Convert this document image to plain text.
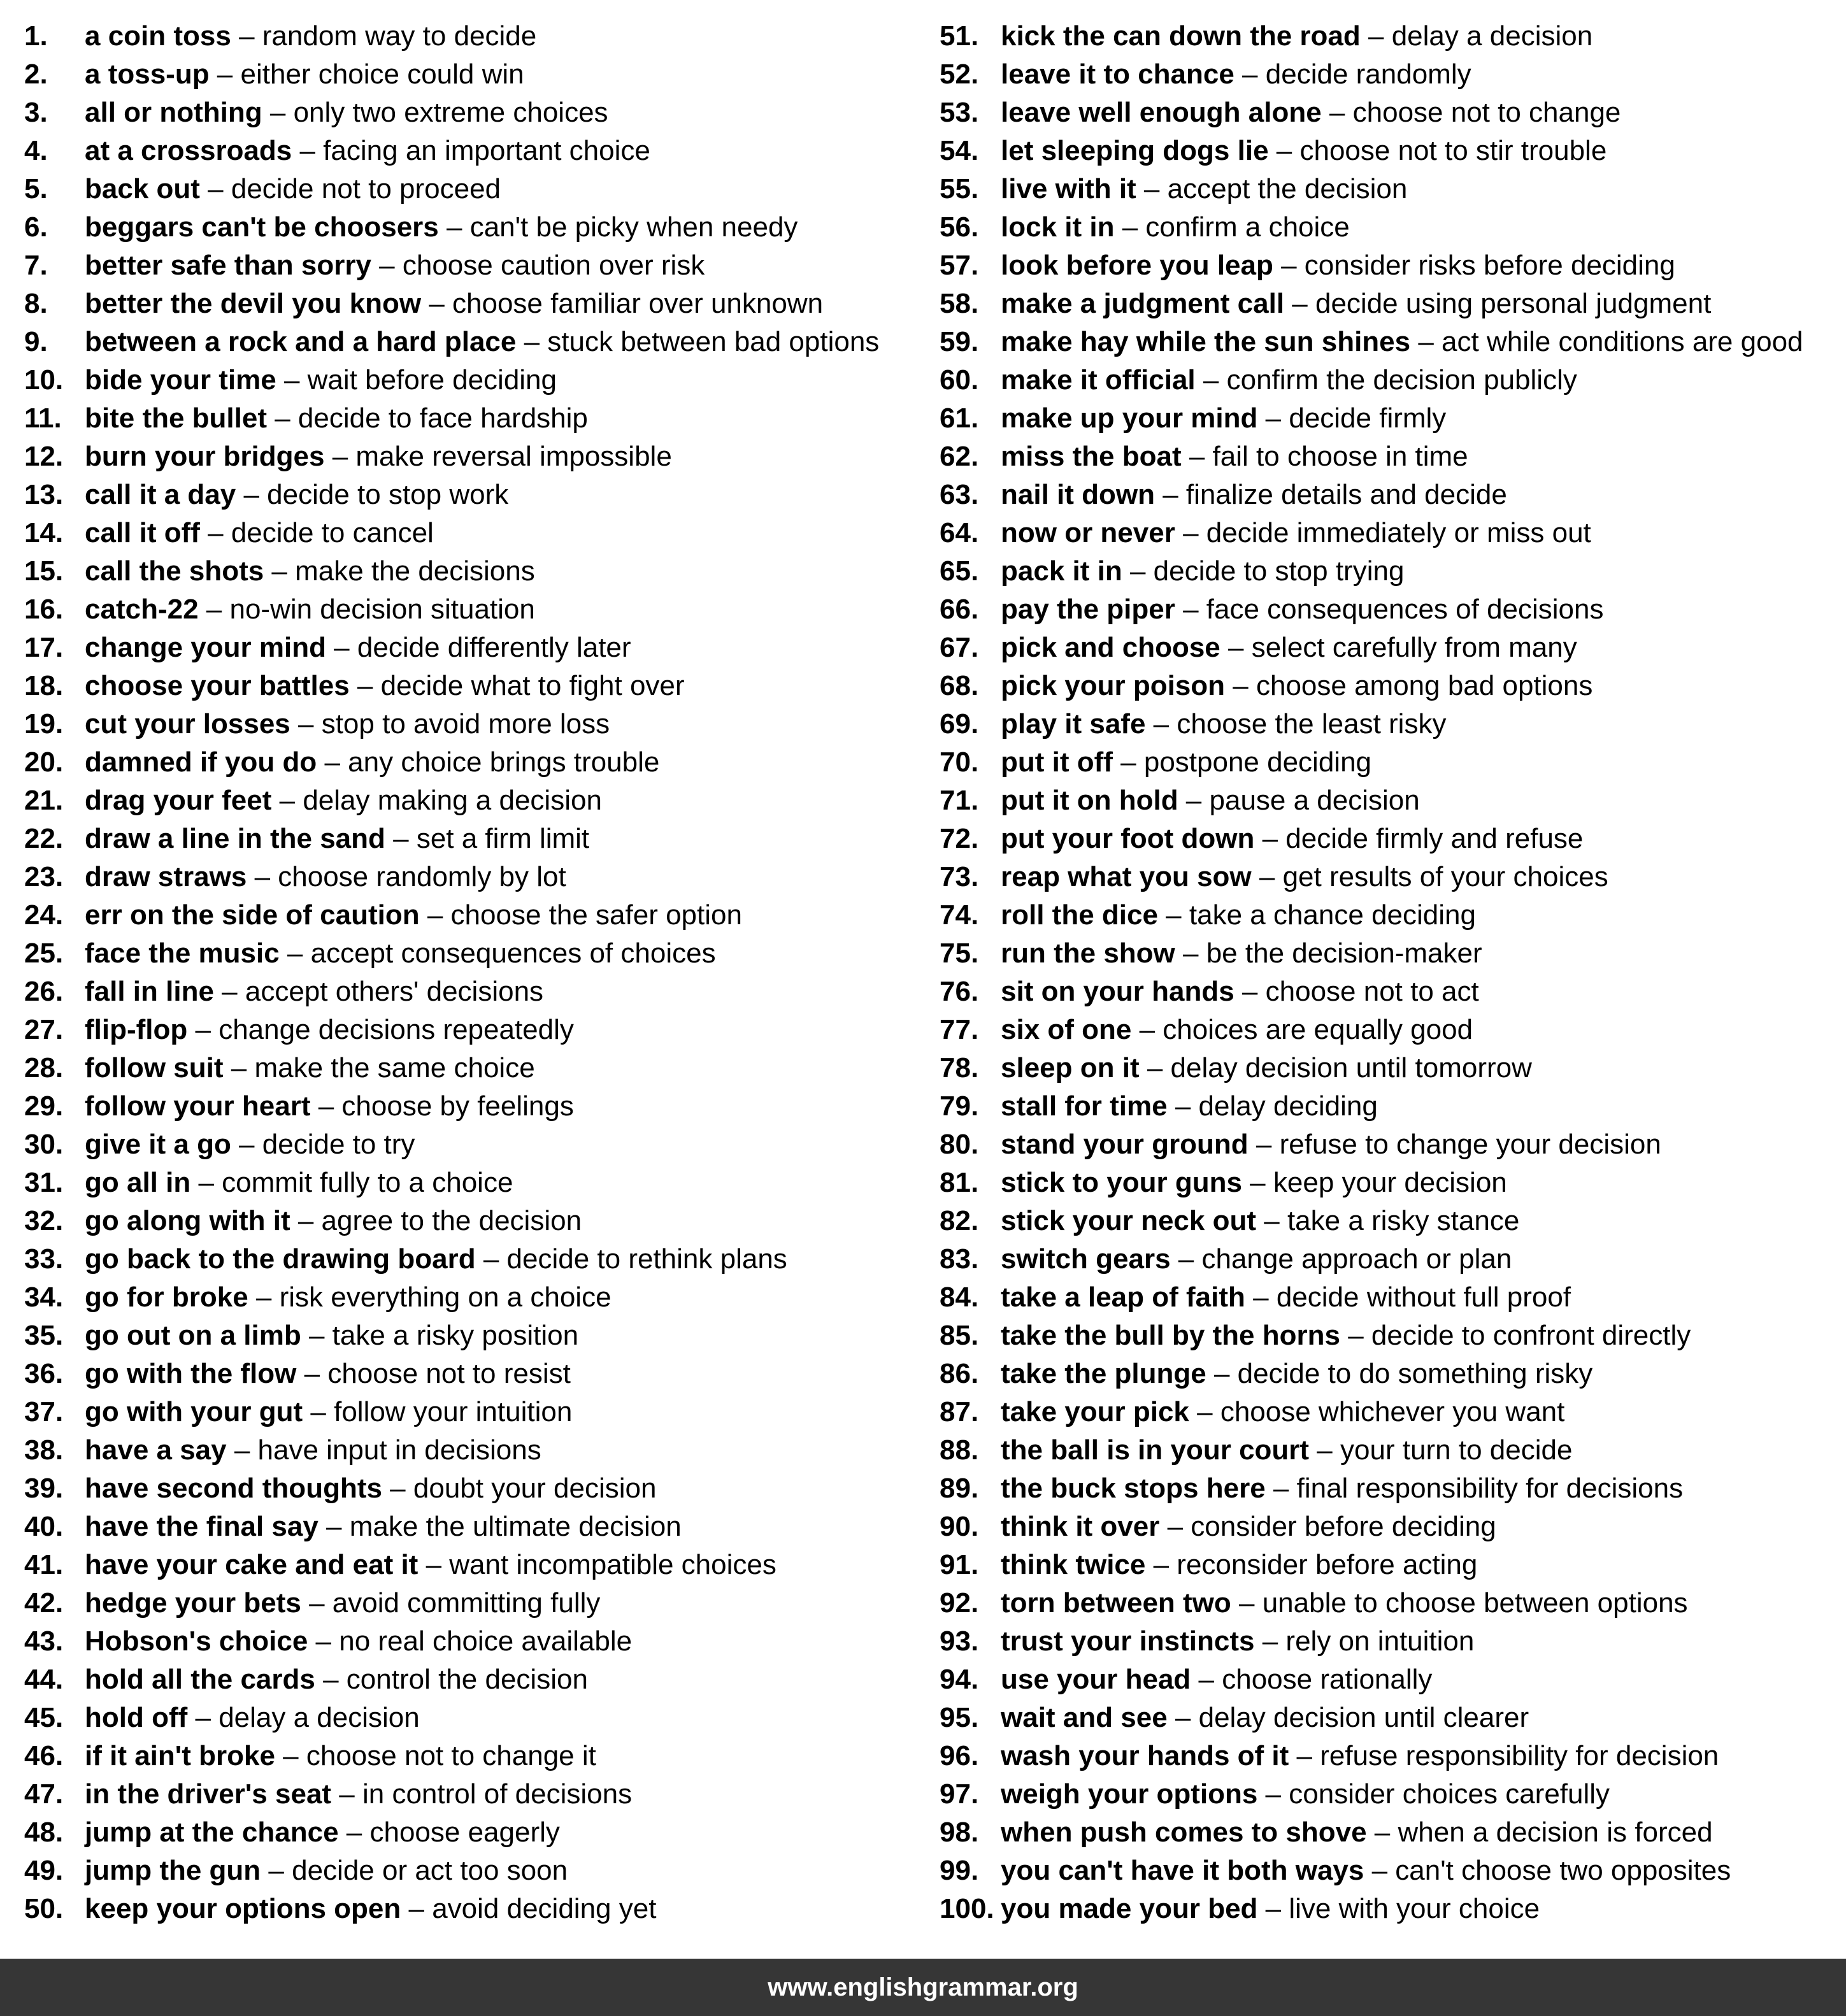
1. a coin toss – random way to decide
2. a toss-up – either choice could win
3. all or nothing – only two extreme choices
4. at a crossroads – facing an important choice
5. back out – decide not to proceed
6. beggars can't be choosers – can't be picky when needy
7. better safe than sorry – choose caution over risk
8. better the devil you know – choose familiar over unknown
9. between a rock and a hard place – stuck between bad options
10. bide your time – wait before deciding
11. bite the bullet – decide to face hardship
12. burn your bridges – make reversal impossible
13. call it a day – decide to stop work
14. call it off – decide to cancel
15. call the shots – make the decisions
16. catch-22 – no-win decision situation
17. change your mind – decide differently later
18. choose your battles – decide what to fight over
19. cut your losses – stop to avoid more loss
20. damned if you do – any choice brings trouble
21. drag your feet – delay making a decision
22. draw a line in the sand – set a firm limit
23. draw straws – choose randomly by lot
24. err on the side of caution – choose the safer option
25. face the music – accept consequences of choices
26. fall in line – accept others' decisions
27. flip-flop – change decisions repeatedly
28. follow suit – make the same choice
29. follow your heart – choose by feelings
30. give it a go – decide to try
31. go all in – commit fully to a choice
32. go along with it – agree to the decision
33. go back to the drawing board – decide to rethink plans
34. go for broke – risk everything on a choice
35. go out on a limb – take a risky position
36. go with the flow – choose not to resist
37. go with your gut – follow your intuition
38. have a say – have input in decisions
39. have second thoughts – doubt your decision
40. have the final say – make the ultimate decision
41. have your cake and eat it – want incompatible choices
42. hedge your bets – avoid committing fully
43. Hobson's choice – no real choice available
44. hold all the cards – control the decision
45. hold off – delay a decision
46. if it ain't broke – choose not to change it
47. in the driver's seat – in control of decisions
48. jump at the chance – choose eagerly
49. jump the gun – decide or act too soon
50. keep your options open – avoid deciding yet
51. kick the can down the road – delay a decision
52. leave it to chance – decide randomly
53. leave well enough alone – choose not to change
54. let sleeping dogs lie – choose not to stir trouble
55. live with it – accept the decision
56. lock it in – confirm a choice
57. look before you leap – consider risks before deciding
58. make a judgment call – decide using personal judgment
59. make hay while the sun shines – act while conditions are good
60. make it official – confirm the decision publicly
61. make up your mind – decide firmly
62. miss the boat – fail to choose in time
63. nail it down – finalize details and decide
64. now or never – decide immediately or miss out
65. pack it in – decide to stop trying
66. pay the piper – face consequences of decisions
67. pick and choose – select carefully from many
68. pick your poison – choose among bad options
69. play it safe – choose the least risky
70. put it off – postpone deciding
71. put it on hold – pause a decision
72. put your foot down – decide firmly and refuse
73. reap what you sow – get results of your choices
74. roll the dice – take a chance deciding
75. run the show – be the decision-maker
76. sit on your hands – choose not to act
77. six of one – choices are equally good
78. sleep on it – delay decision until tomorrow
79. stall for time – delay deciding
80. stand your ground – refuse to change your decision
81. stick to your guns – keep your decision
82. stick your neck out – take a risky stance
83. switch gears – change approach or plan
84. take a leap of faith – decide without full proof
85. take the bull by the horns – decide to confront directly
86. take the plunge – decide to do something risky
87. take your pick – choose whichever you want
88. the ball is in your court – your turn to decide
89. the buck stops here – final responsibility for decisions
90. think it over – consider before deciding
91. think twice – reconsider before acting
92. torn between two – unable to choose between options
93. trust your instincts – rely on intuition
94. use your head – choose rationally
95. wait and see – delay decision until clearer
96. wash your hands of it – refuse responsibility for decision
97. weigh your options – consider choices carefully
98. when push comes to shove – when a decision is forced
99. you can't have it both ways – can't choose two opposites
100. you made your bed – live with your choice
www.englishgrammar.org
